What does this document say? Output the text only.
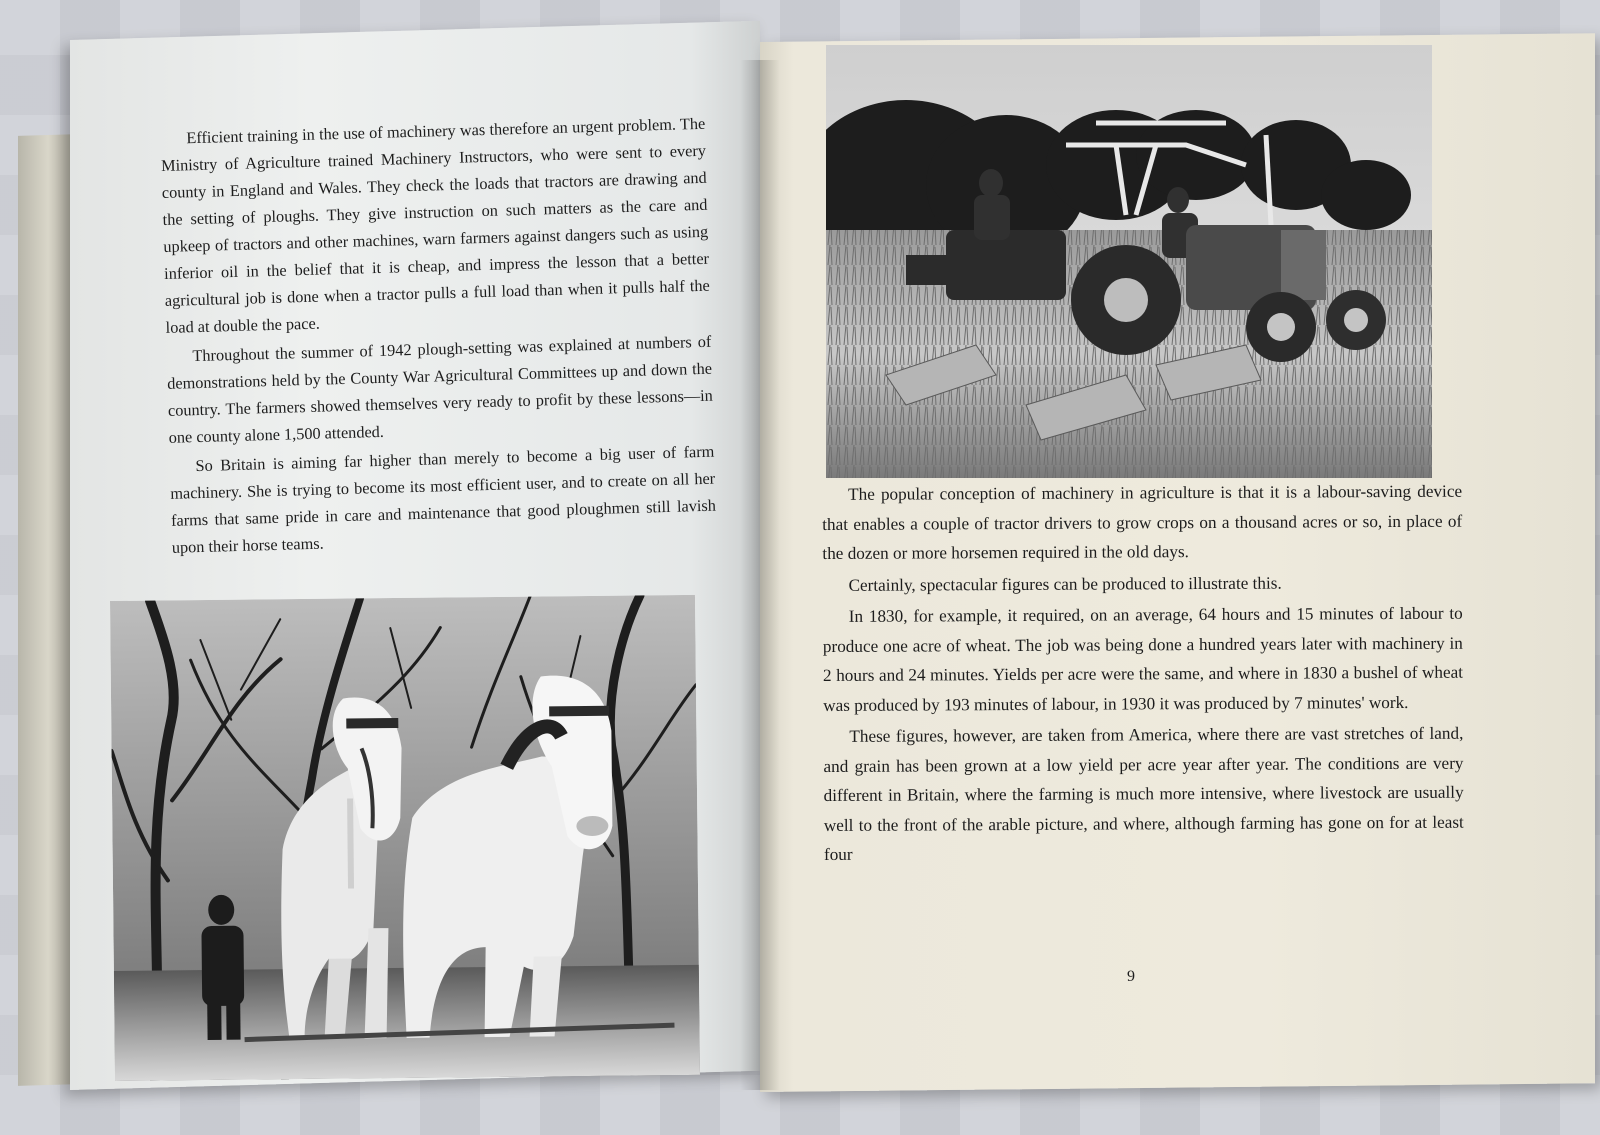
Efficient training in the use of machinery was therefore an urgent problem. The Ministry of Agriculture trained Machinery Instructors, who were sent to every county in England and Wales. They check the loads that tractors are drawing and the setting of ploughs. They give instruction on such matters as the care and upkeep of tractors and other machines, warn farmers against dangers such as using inferior oil in the belief that it is cheap, and impress the lesson that a better agricultural job is done when a tractor pulls a full load than when it pulls half the load at double the pace.

Throughout the summer of 1942 plough-setting was explained at numbers of demonstrations held by the County War Agricultural Committees up and down the country. The farmers showed themselves very ready to profit by these lessons—in one county alone 1,500 attended.

So Britain is aiming far higher than merely to become a big user of farm machinery. She is trying to become its most efficient user, and to create on all her farms that same pride in care and maintenance that good ploughmen still lavish upon their horse teams.

The popular conception of machinery in agriculture is that it is a labour-saving device that enables a couple of tractor drivers to grow crops on a thousand acres or so, in place of the dozen or more horsemen required in the old days.

Certainly, spectacular figures can be produced to illustrate this.

In 1830, for example, it required, on an average, 64 hours and 15 minutes of labour to produce one acre of wheat. The job was being done a hundred years later with machinery in 2 hours and 24 minutes. Yields per acre were the same, and where in 1830 a bushel of wheat was produced by 193 minutes of labour, in 1930 it was produced by 7 minutes' work.

These figures, however, are taken from America, where there are vast stretches of land, and grain has been grown at a low yield per acre year after year. The conditions are very different in Britain, where the farming is much more intensive, where livestock are usually well to the front of the arable picture, and where, although farming has gone on for at least four

9
